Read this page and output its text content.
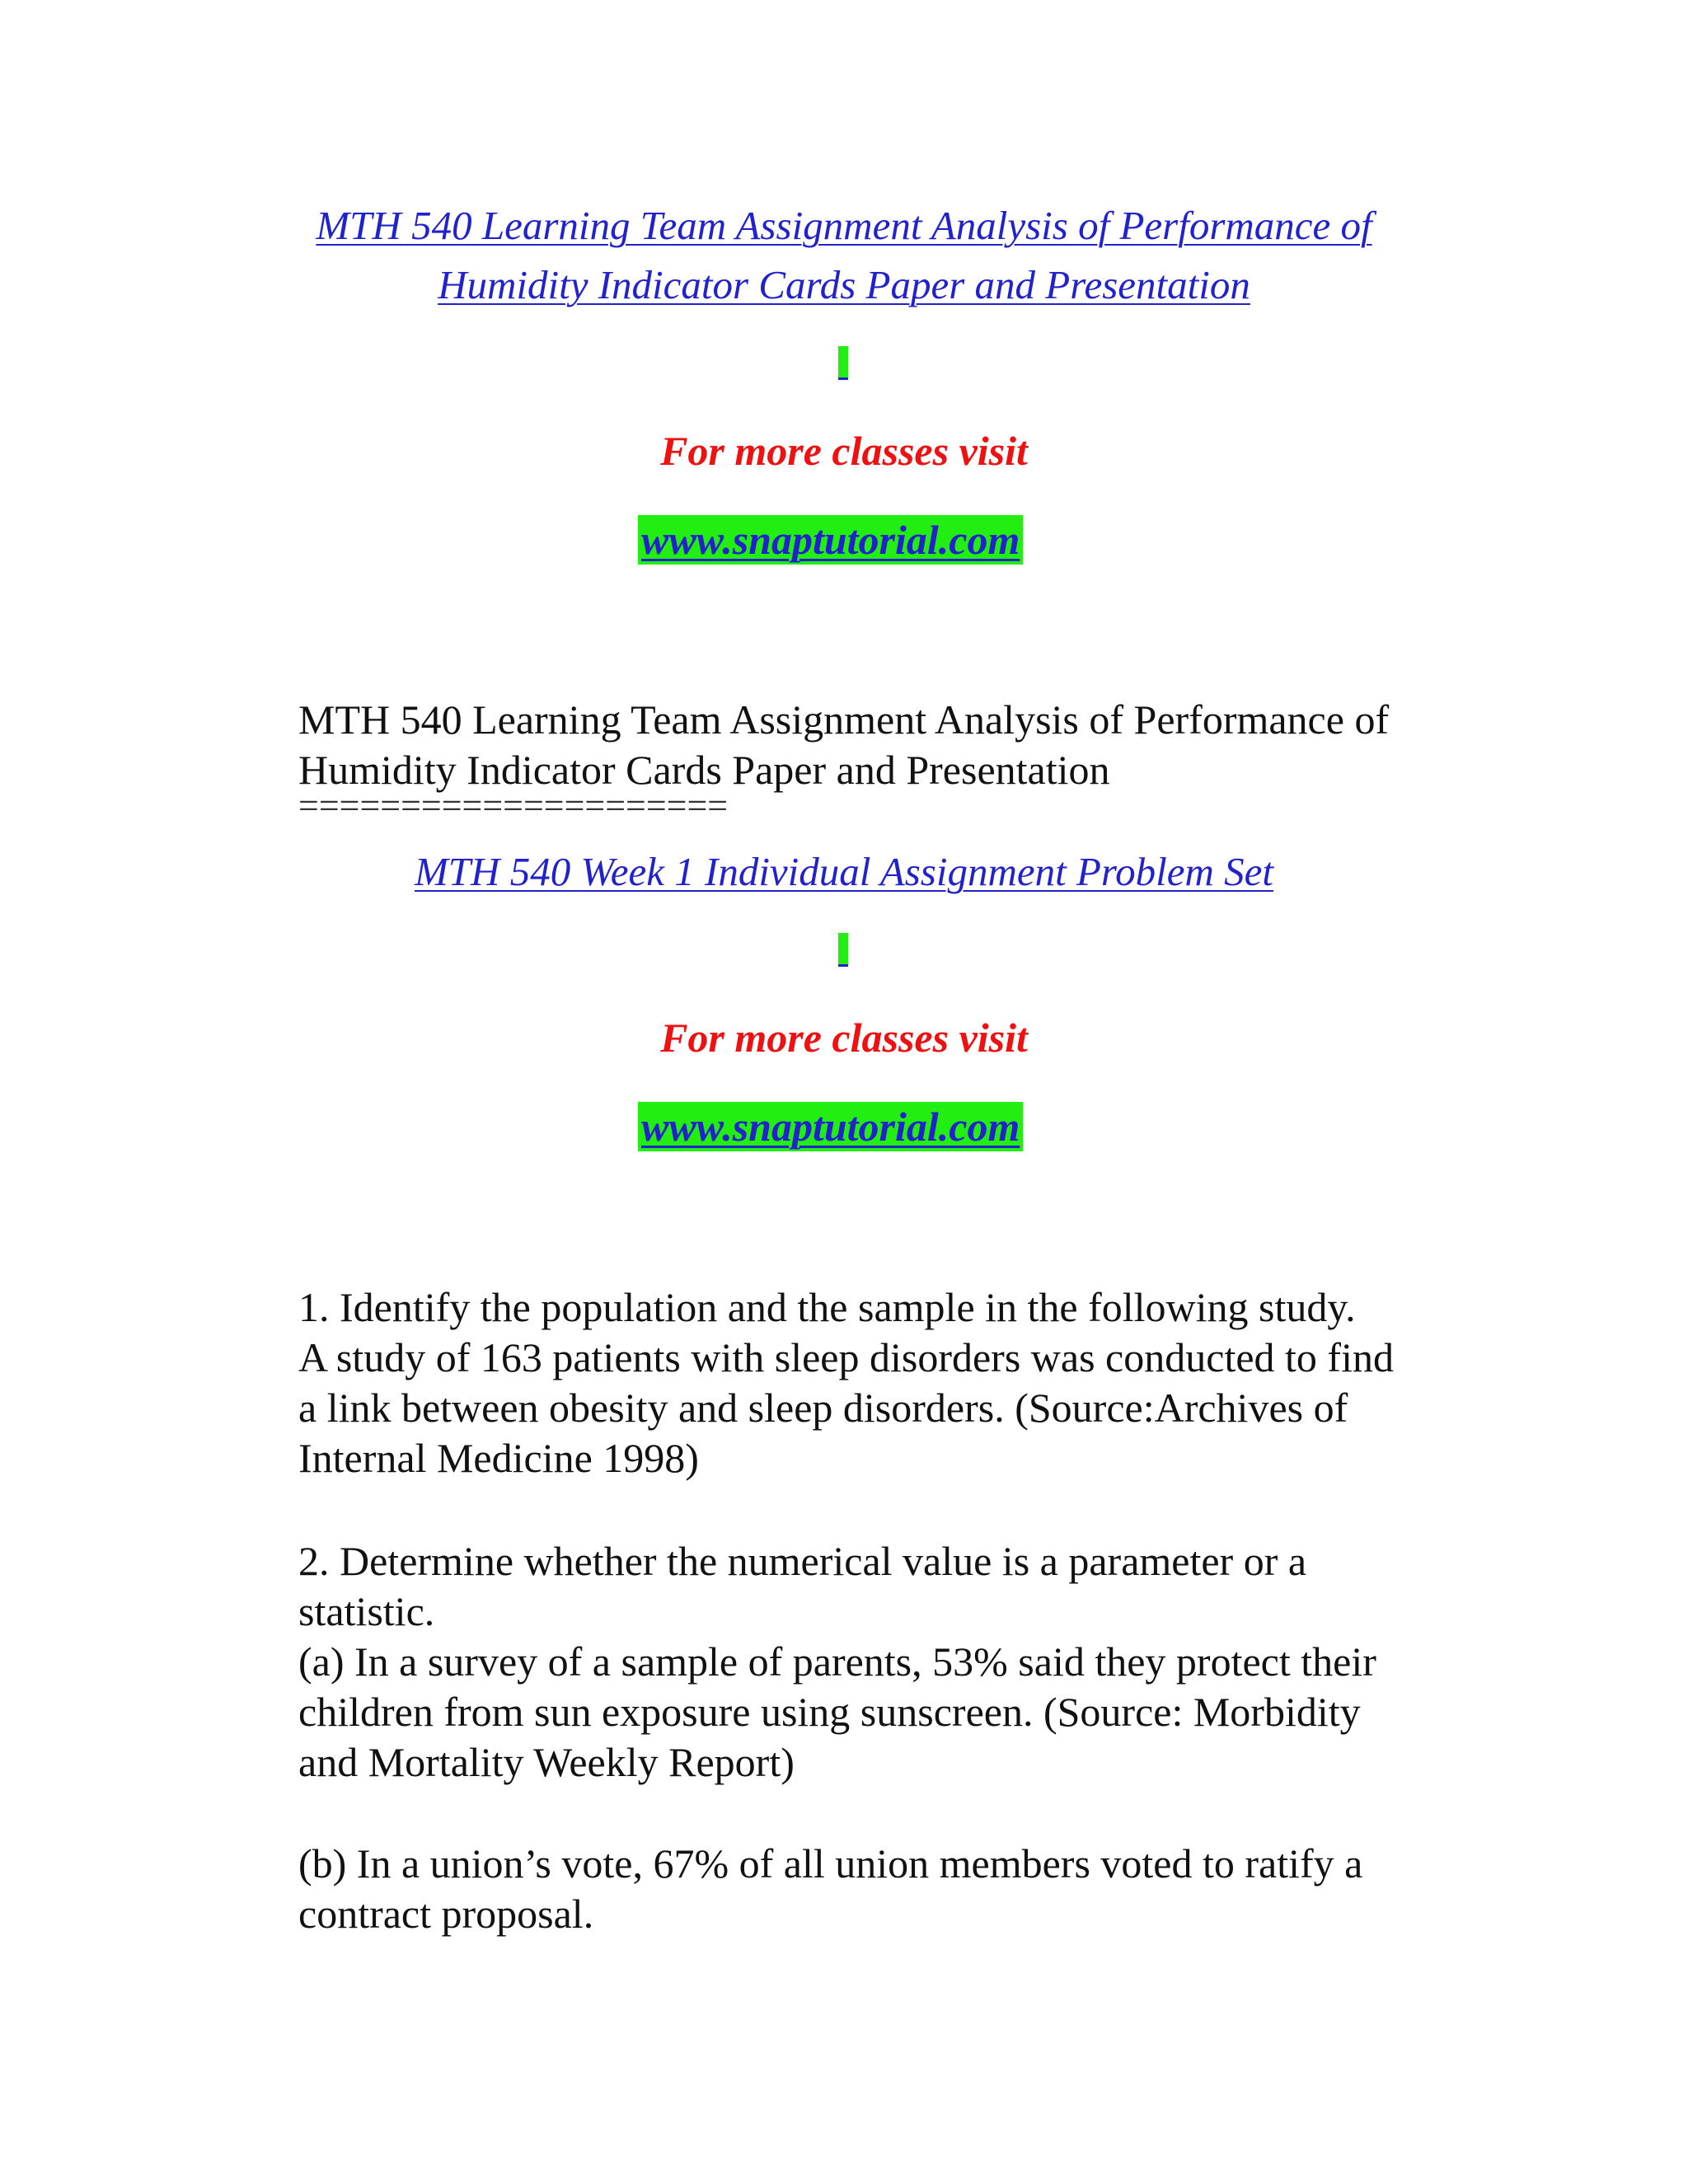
MTH 540 Learning Team Assignment Analysis of Performance of
Humidity Indicator Cards Paper and Presentation
For more classes visit
www.snaptutorial.com

MTH 540 Learning Team Assignment Analysis of Performance of

Humidity Indicator Cards Paper and Presentation

=====================
MTH 540 Week 1 Individual Assignment Problem Set
For more classes visit
www.snaptutorial.com

1. Identify the population and the sample in the following study.

A study of 163 patients with sleep disorders was conducted to find

a link between obesity and sleep disorders. (Source:Archives of

Internal Medicine 1998)

2. Determine whether the numerical value is a parameter or a

statistic.

(a) In a survey of a sample of parents, 53% said they protect their

children from sun exposure using sunscreen. (Source: Morbidity

and Mortality Weekly Report)

(b) In a union’s vote, 67% of all union members voted to ratify a

contract proposal.
